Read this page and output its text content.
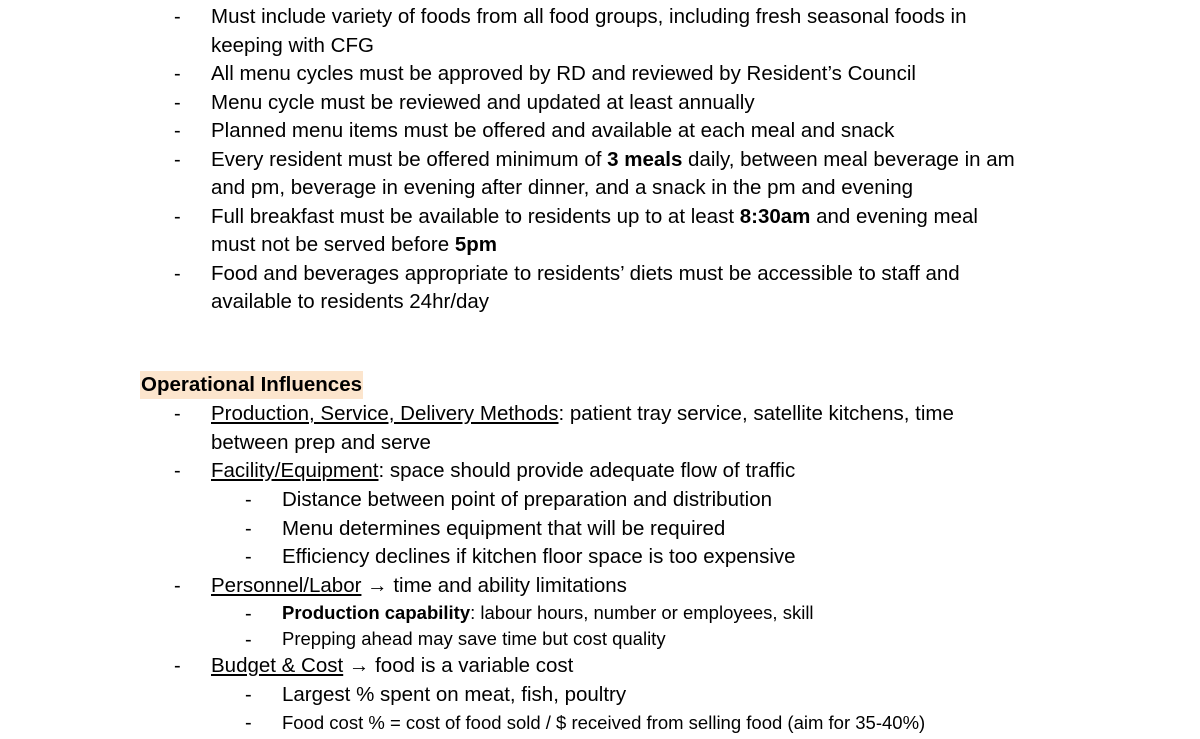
- Must include variety of foods from all food groups, including fresh seasonal foods in
keeping with CFG
- All menu cycles must be approved by RD and reviewed by Resident’s Council
- Menu cycle must be reviewed and updated at least annually
- Planned menu items must be offered and available at each meal and snack
- Every resident must be offered minimum of 3 meals daily, between meal beverage in am
and pm, beverage in evening after dinner, and a snack in the pm and evening
- Full breakfast must be available to residents up to at least 8:30am and evening meal
must not be served before 5pm
- Food and beverages appropriate to residents’ diets must be accessible to staff and
available to residents 24hr/day
Operational Influences
- Production, Service, Delivery Methods: patient tray service, satellite kitchens, time
between prep and serve
- Facility/Equipment: space should provide adequate flow of traffic
- Distance between point of preparation and distribution
- Menu determines equipment that will be required
- Efficiency declines if kitchen floor space is too expensive
- Personnel/Labor → time and ability limitations
- Production capability: labour hours, number or employees, skill
- Prepping ahead may save time but cost quality
- Budget & Cost → food is a variable cost
- Largest % spent on meat, fish, poultry
- Food cost % = cost of food sold / $ received from selling food (aim for 35-40%)
